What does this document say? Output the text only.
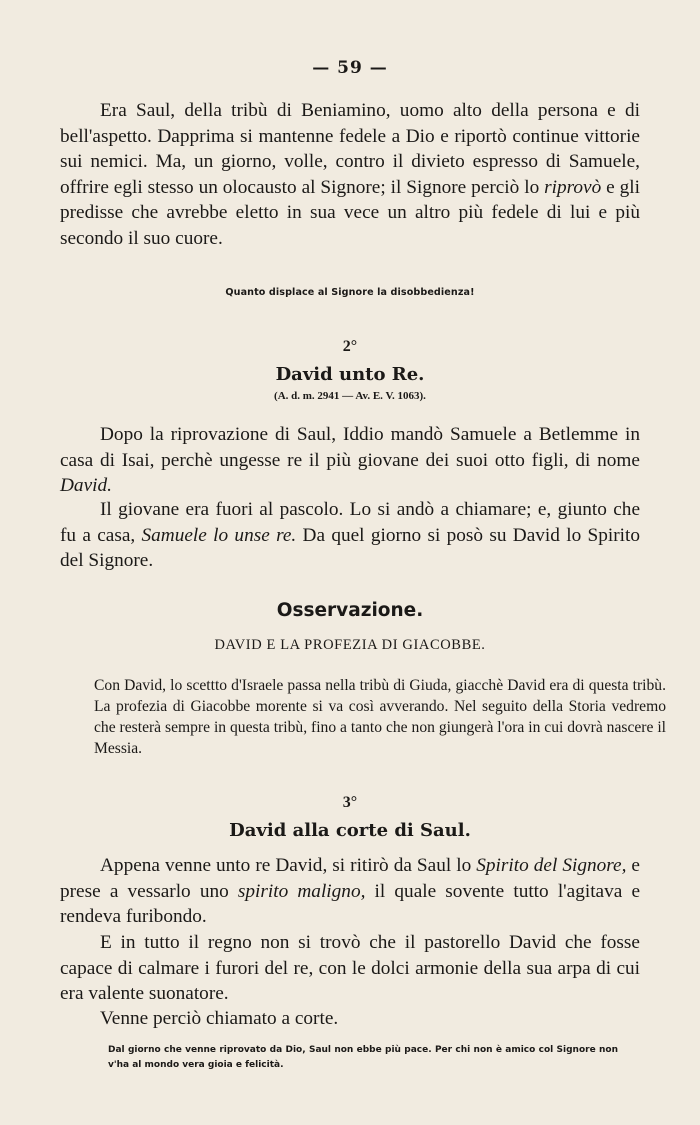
— 59 —

Era Saul, della tribù di Beniamino, uomo alto della persona e di bell'aspetto. Dapprima si mantenne fedele a Dio e riportò continue vittorie sui nemici. Ma, un giorno, volle, contro il divieto espresso di Samuele, offrire egli stesso un olocausto al Signore; il Signore perciò lo riprovò e gli predisse che avrebbe eletto in sua vece un altro più fedele di lui e più secondo il suo cuore.

Quanto displace al Signore la disobbedienza!

2°
David unto Re.

(A. d. m. 2941 — Av. E. V. 1063).

Dopo la riprovazione di Saul, Iddio mandò Samuele a Betlemme in casa di Isai, perchè ungesse re il più giovane dei suoi otto figli, di nome David.

Il giovane era fuori al pascolo. Lo si andò a chiamare; e, giunto che fu a casa, Samuele lo unse re. Da quel giorno si posò su David lo Spirito del Signore.

Osservazione.

DAVID E LA PROFEZIA DI GIACOBBE.

Con David, lo scettto d'Israele passa nella tribù di Giuda, giacchè David era di questa tribù. La profezia di Giacobbe morente si va così avverando. Nel seguito della Storia vedremo che resterà sempre in questa tribù, fino a tanto che non giungerà l'ora in cui dovrà nascere il Messia.

3°
David alla corte di Saul.

Appena venne unto re David, si ritirò da Saul lo Spirito del Signore, e prese a vessarlo uno spirito maligno, il quale sovente tutto l'agitava e rendeva furibondo.

E in tutto il regno non si trovò che il pastorello David che fosse capace di calmare i furori del re, con le dolci armonie della sua arpa di cui era valente suonatore.

Venne perciò chiamato a corte.

Dal giorno che venne riprovato da Dio, Saul non ebbe più pace. Per chi non è amico col Signore non v'ha al mondo vera gioia e felicità.
